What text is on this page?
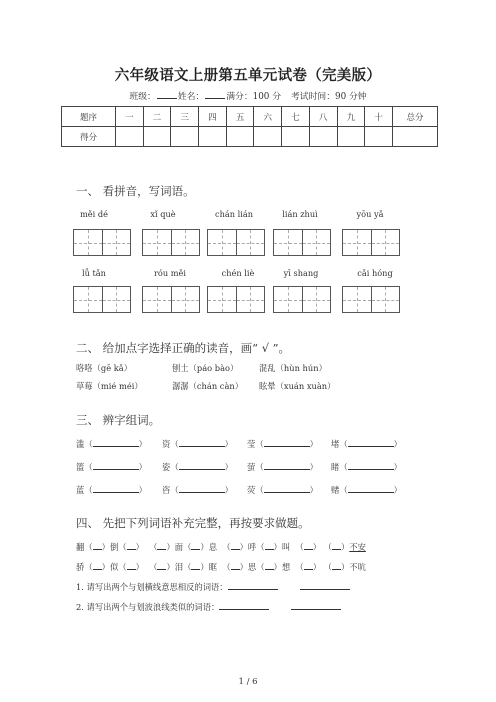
六年级语文上册第五单元试卷（完美版）
班级：	姓名：	满分：100 分 考试时间：90 分钟
题序	一	二	三	四	五	六	七	八	九	十	总分
得分											
一、 看拼音，写词语。
měi dé	xǐ què	chán lián	lián zhuì	yōu yǎ
lǚ tǎn	róu měi	chén liè	yī shang	cǎi hóng
二、 给加点字选择正确的读音，画“ √ ”。
咯咯（gē kǎ）	刨土（páo bào） 混乱（hùn hún）
草莓（mié méi）	潺潺（chán càn） 眩晕（xuán xuàn）
三、 辨字组词。
滥（	） 资（	） 莹（	） 堵（	）
篮（	） 姿（	） 萤（	） 睹（	）
蓝（	） 咨（	） 荧（	） 赌（	）
四、 先把下列词语补充完整，再按要求做题。
翻（ ）倒（ ）  （ ）面（ ）息  （ ）呼（ ）叫  （ ） （ ）不安
骄（ ）似（ ）  （ ）泪（ ）眶  （ ）思（ ）想  （ ） （ ）不吭
1. 请写出两个与划横线意思相反的词语：
2. 请写出两个与划波浪线类似的词语：
1 / 6
